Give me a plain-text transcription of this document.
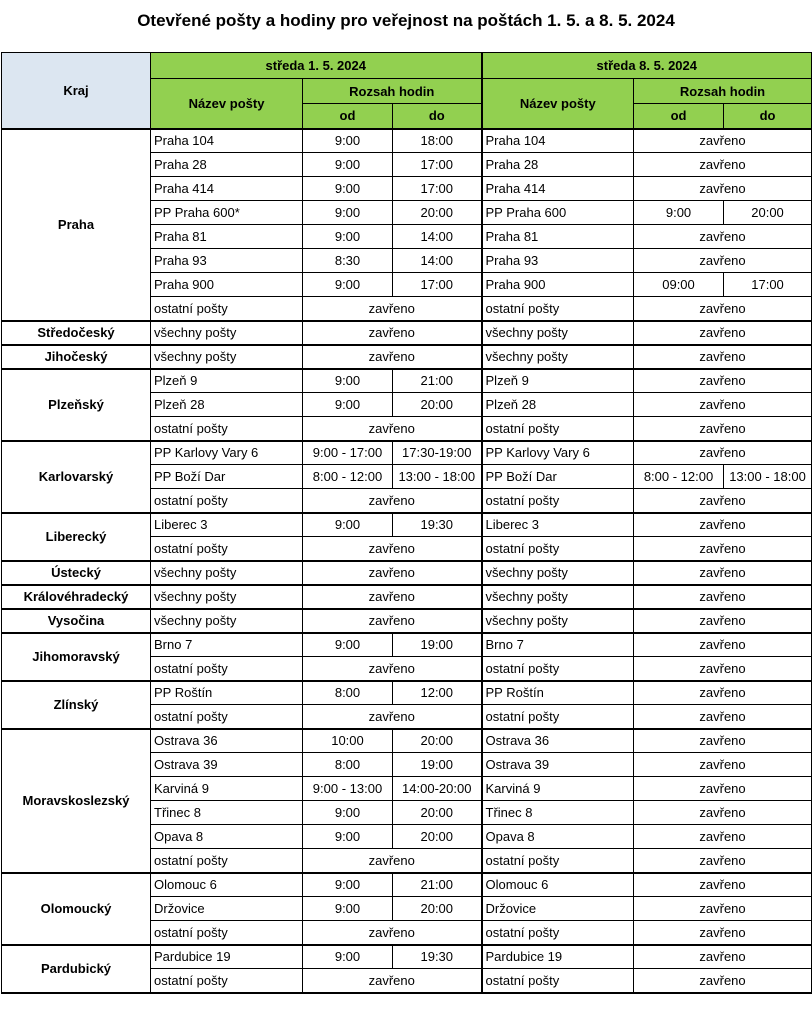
Otevřené pošty a hodiny pro veřejnost na poštách 1. 5. a 8. 5. 2024
Kraj	středa 1. 5. 2024			středa 8. 5. 2024		
	Název pošty	Rozsah hodin		Název pošty	Rozsah hodin	
		od	do		od	do
Praha	Praha 104	9:00	18:00	Praha 104	zavřeno	
	Praha 28	9:00	17:00	Praha 28	zavřeno	
	Praha 414	9:00	17:00	Praha 414	zavřeno	
	PP Praha 600*	9:00	20:00	PP Praha 600	9:00	20:00
	Praha 81	9:00	14:00	Praha 81	zavřeno	
	Praha 93	8:30	14:00	Praha 93	zavřeno	
	Praha 900	9:00	17:00	Praha 900	09:00	17:00
	ostatní pošty	zavřeno		ostatní pošty	zavřeno	
Středočeský	všechny pošty	zavřeno		všechny pošty	zavřeno	
Jihočeský	všechny pošty	zavřeno		všechny pošty	zavřeno	
Plzeňský	Plzeň 9	9:00	21:00	Plzeň 9	zavřeno	
	Plzeň 28	9:00	20:00	Plzeň 28	zavřeno	
	ostatní pošty	zavřeno		ostatní pošty	zavřeno	
Karlovarský	PP Karlovy Vary 6	9:00 - 17:00	17:30-19:00	PP Karlovy Vary 6	zavřeno	
	PP Boží Dar	8:00 - 12:00	13:00 - 18:00	PP Boží Dar	8:00 - 12:00	13:00 - 18:00
	ostatní pošty	zavřeno		ostatní pošty	zavřeno	
Liberecký	Liberec 3	9:00	19:30	Liberec 3	zavřeno	
	ostatní pošty	zavřeno		ostatní pošty	zavřeno	
Ústecký	všechny pošty	zavřeno		všechny pošty	zavřeno	
Královéhradecký	všechny pošty	zavřeno		všechny pošty	zavřeno	
Vysočina	všechny pošty	zavřeno		všechny pošty	zavřeno	
Jihomoravský	Brno 7	9:00	19:00	Brno 7	zavřeno	
	ostatní pošty	zavřeno		ostatní pošty	zavřeno	
Zlínský	PP Roštín	8:00	12:00	PP Roštín	zavřeno	
	ostatní pošty	zavřeno		ostatní pošty	zavřeno	
Moravskoslezský	Ostrava 36	10:00	20:00	Ostrava 36	zavřeno	
	Ostrava 39	8:00	19:00	Ostrava 39	zavřeno	
	Karviná 9	9:00 - 13:00	14:00-20:00	Karviná 9	zavřeno	
	Třinec 8	9:00	20:00	Třinec 8	zavřeno	
	Opava 8	9:00	20:00	Opava 8	zavřeno	
	ostatní pošty	zavřeno		ostatní pošty	zavřeno	
Olomoucký	Olomouc 6	9:00	21:00	Olomouc 6	zavřeno	
	Držovice	9:00	20:00	Držovice	zavřeno	
	ostatní pošty	zavřeno		ostatní pošty	zavřeno	
Pardubický	Pardubice 19	9:00	19:30	Pardubice 19	zavřeno	
	ostatní pošty	zavřeno		ostatní pošty	zavřeno	
